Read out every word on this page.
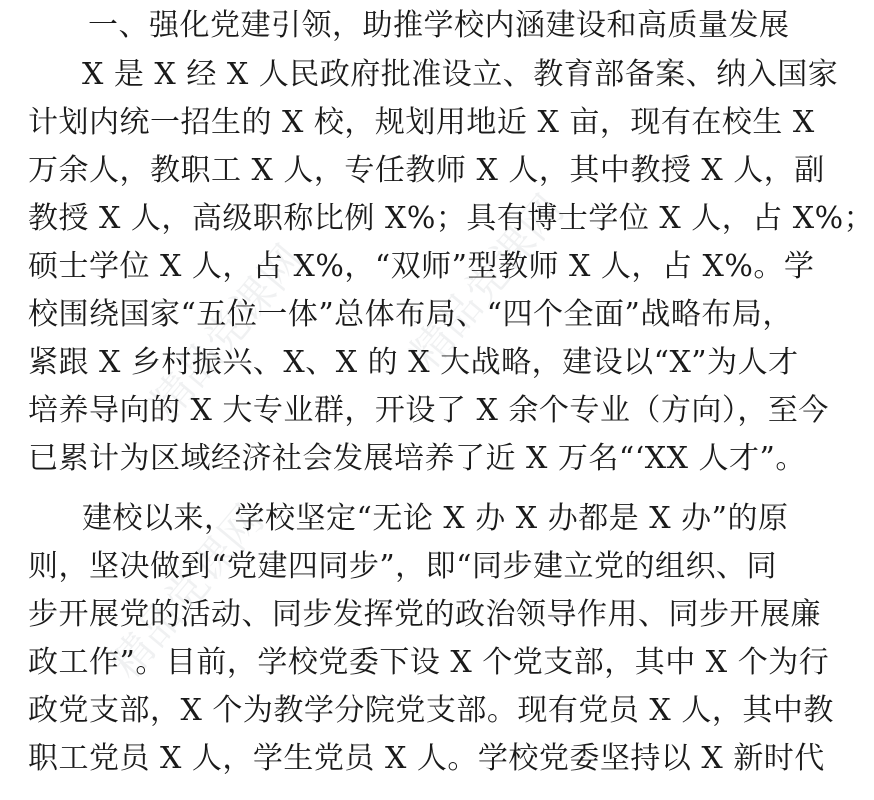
精品党课网 精品党课网
精品党课网
一、强化党建引领，助推学校内涵建设和高质量发展
X 是 X 经 X 人民政府批准设立、教育部备案、纳入国家
计划内统一招生的 X 校，规划用地近 X 亩，现有在校生 X
万余人，教职工 X 人，专任教师 X 人，其中教授 X 人，副
教授 X 人，高级职称比例 X%；具有博士学位 X 人，占 X%；
硕士学位 X 人，占 X%，“双师”型教师 X 人，占 X%。学
校围绕国家“五位一体”总体布局、“四个全面”战略布局，
紧跟 X 乡村振兴、X、X 的 X 大战略，建设以“X”为人才
培养导向的 X 大专业群，开设了 X 余个专业（方向），至今
已累计为区域经济社会发展培养了近 X 万名“‘XX 人才”。
建校以来，学校坚定“无论 X 办 X 办都是 X 办”的原
则，坚决做到“党建四同步”，即“同步建立党的组织、同
步开展党的活动、同步发挥党的政治领导作用、同步开展廉
政工作”。目前，学校党委下设 X 个党支部，其中 X 个为行
政党支部，X 个为教学分院党支部。现有党员 X 人，其中教
职工党员 X 人，学生党员 X 人。学校党委坚持以 X 新时代
